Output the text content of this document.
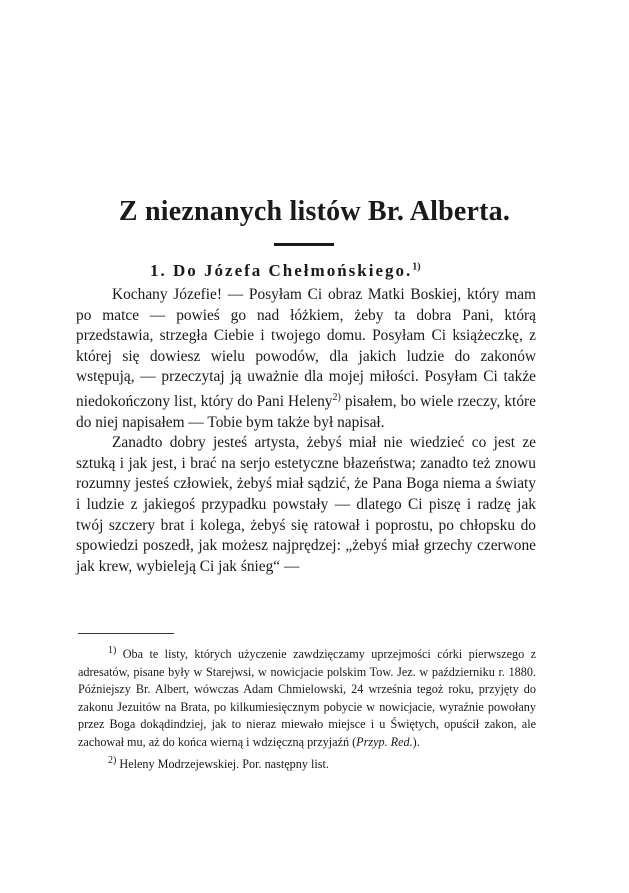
Z nieznanych listów Br. Alberta.
1. Do Józefa Chełmońskiego.$^{1)}$

Kochany Józefie! — Posyłam Ci obraz Matki Boskiej, który mam po matce — powieś go nad łóżkiem, żeby ta dobra Pani, którą przedstawia, strzegła Ciebie i twojego domu. Posyłam Ci książeczkę, z której się dowiesz wielu powodów, dla jakich ludzie do zakonów wstępują, — przeczytaj ją uważnie dla mojej miłości. Posyłam Ci także niedokończony list, który do Pani Heleny$^{2)}$ pisałem, bo wiele rzeczy, które do niej napisałem — Tobie bym także był napisał.

Zanadto dobry jesteś artysta, żebyś miał nie wiedzieć co jest ze sztuką i jak jest, i brać na serjo estetyczne błazeństwa; zanadto też znowu rozumny jesteś człowiek, żebyś miał sądzić, że Pana Boga niema a światy i ludzie z jakiegoś przypadku powstały — dlatego Ci piszę i radzę jak twój szczery brat i kolega, żebyś się ratował i poprostu, po chłopsku do spowiedzi poszedł, jak możesz najprędzej: „żebyś miał grzechy czerwone jak krew, wybieleją Ci jak śnieg“ —

$^{1)}$ Oba te listy, których użyczenie zawdzięczamy uprzejmości córki pierwszego z adresatów, pisane były w Starejwsi, w nowicjacie polskim Tow. Jez. w październiku r. 1880. Późniejszy Br. Albert, wówczas Adam Chmielowski, 24 września tegoż roku, przyjęty do zakonu Jezuitów na Brata, po kilkumiesięcznym pobycie w nowicjacie, wyraźnie powołany przez Boga dokądindziej, jak to nieraz miewało miejsce i u Świętych, opuścił zakon, ale zachował mu, aż do końca wierną i wdzięczną przyjaźń (Przyp. Red.).

$^{2)}$ Heleny Modrzejewskiej. Por. następny list.
